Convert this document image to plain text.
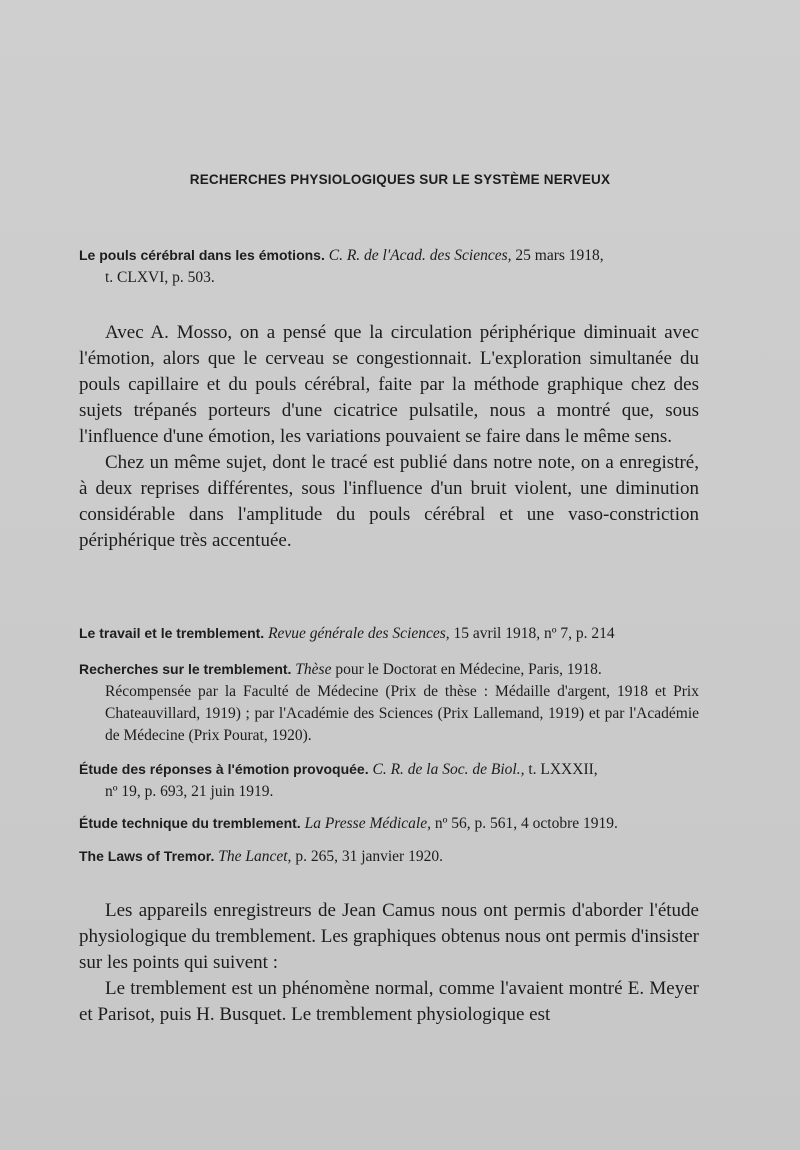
RECHERCHES PHYSIOLOGIQUES SUR LE SYSTÈME NERVEUX
Le pouls cérébral dans les émotions. C. R. de l'Acad. des Sciences, 25 mars 1918,
t. CLXVI, p. 503.

Avec A. Mosso, on a pensé que la circulation périphérique diminuait avec l'émotion, alors que le cerveau se congestionnait. L'exploration simultanée du pouls capillaire et du pouls cérébral, faite par la méthode graphique chez des sujets trépanés porteurs d'une cicatrice pulsatile, nous a montré que, sous l'influence d'une émotion, les variations pouvaient se faire dans le même sens.

Chez un même sujet, dont le tracé est publié dans notre note, on a enregistré, à deux reprises différentes, sous l'influence d'un bruit violent, une diminution considérable dans l'amplitude du pouls cérébral et une vaso-constriction périphérique très accentuée.

Le travail et le tremblement. Revue générale des Sciences, 15 avril 1918, nº 7, p. 214
Recherches sur le tremblement. Thèse pour le Doctorat en Médecine, Paris, 1918.
Récompensée par la Faculté de Médecine (Prix de thèse : Médaille d'argent, 1918 et Prix Chateauvillard, 1919) ; par l'Académie des Sciences (Prix Lallemand, 1919) et par l'Académie de Médecine (Prix Pourat, 1920).
Étude des réponses à l'émotion provoquée. C. R. de la Soc. de Biol., t. LXXXII,
nº 19, p. 693, 21 juin 1919.
Étude technique du tremblement. La Presse Médicale, nº 56, p. 561, 4 octobre 1919.
The Laws of Tremor. The Lancet, p. 265, 31 janvier 1920.

Les appareils enregistreurs de Jean Camus nous ont permis d'aborder l'étude physiologique du tremblement. Les graphiques obtenus nous ont permis d'insister sur les points qui suivent :

Le tremblement est un phénomène normal, comme l'avaient montré E. Meyer et Parisot, puis H. Busquet. Le tremblement physiologique est
